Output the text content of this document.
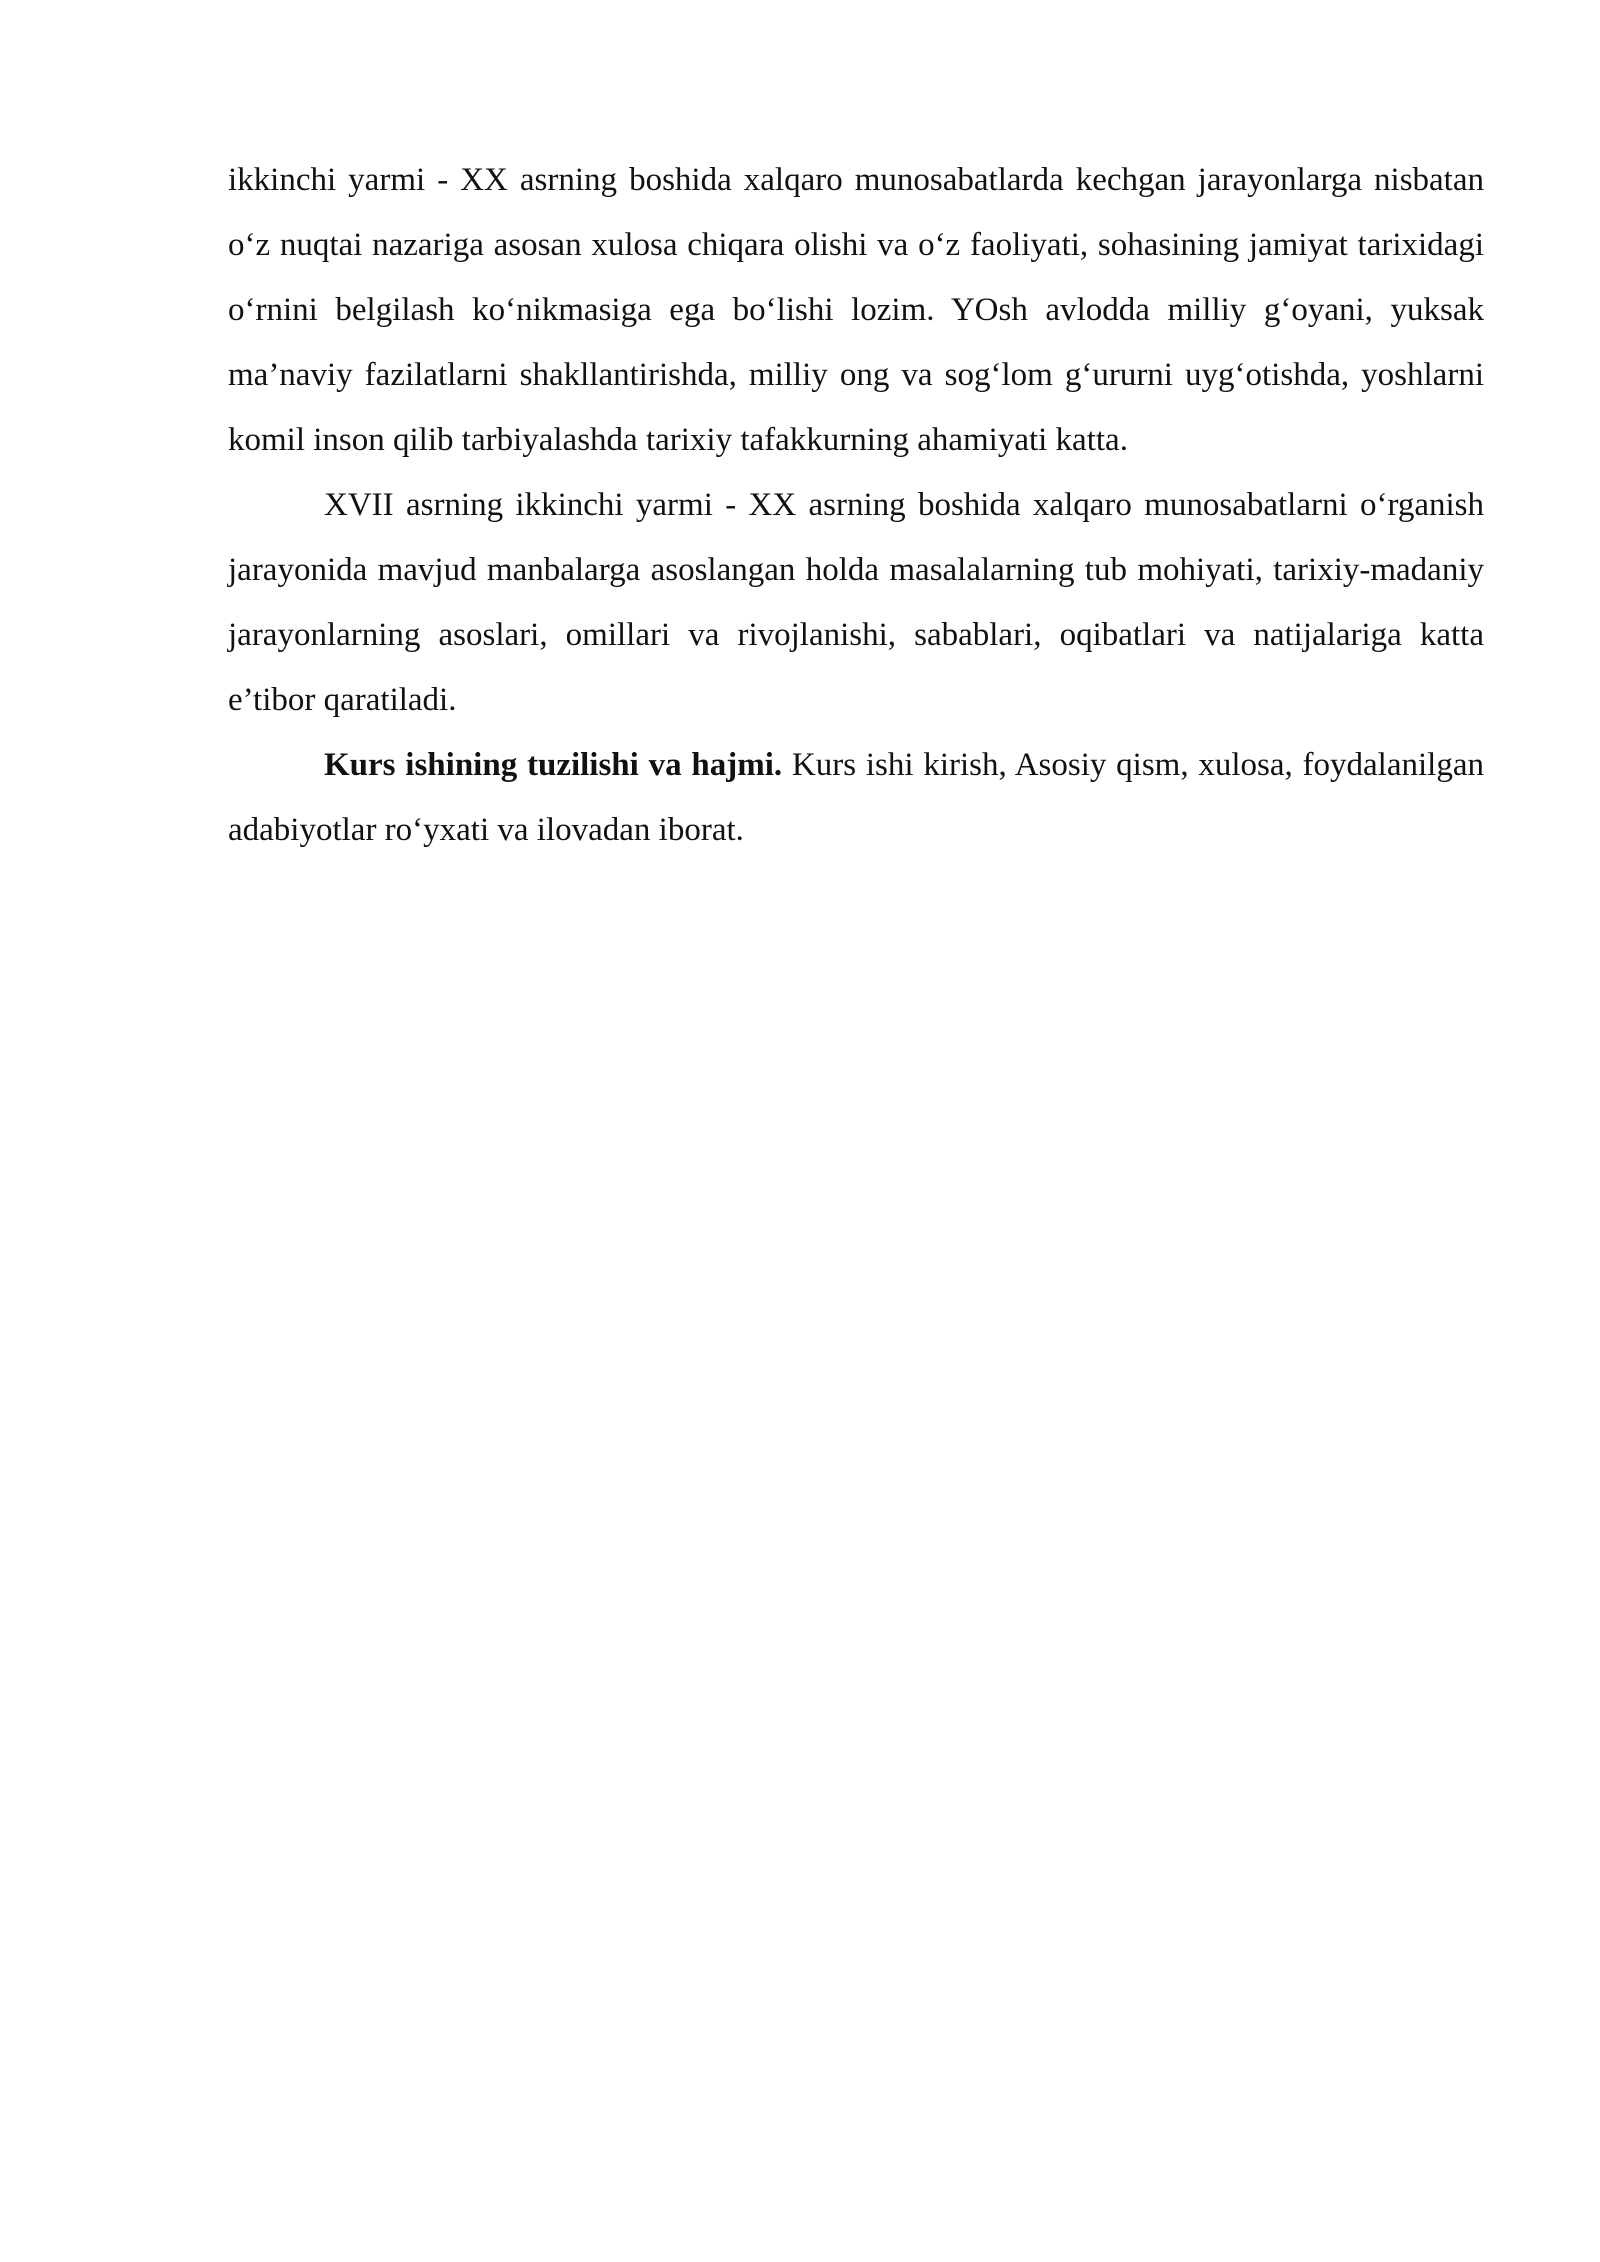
ikkinchi yarmi - XX asrning boshida xalqaro munosabatlarda kechgan jarayonlarga nisbatan o‘z nuqtai nazariga asosan xulosa chiqara olishi va o‘z faoliyati, sohasining jamiyat tarixidagi o‘rnini belgilash ko‘nikmasiga ega bo‘lishi lozim. YOsh avlodda milliy g‘oyani, yuksak ma’naviy fazilatlarni shakllantirishda, milliy ong va sog‘lom g‘ururni uyg‘otishda, yoshlarni komil inson qilib tarbiyalashda tarixiy tafakkurning ahamiyati katta.

XVII asrning ikkinchi yarmi - XX asrning boshida xalqaro munosabatlarni o‘rganish jarayonida mavjud manbalarga asoslangan holda masalalarning tub mohiyati, tarixiy-madaniy jarayonlarning asoslari, omillari va rivojlanishi, sabablari, oqibatlari va natijalariga katta e’tibor qaratiladi.

Kurs ishining tuzilishi va hajmi. Kurs ishi kirish, Asosiy qism, xulosa, foydalanilgan adabiyotlar ro‘yxati va ilovadan iborat.
